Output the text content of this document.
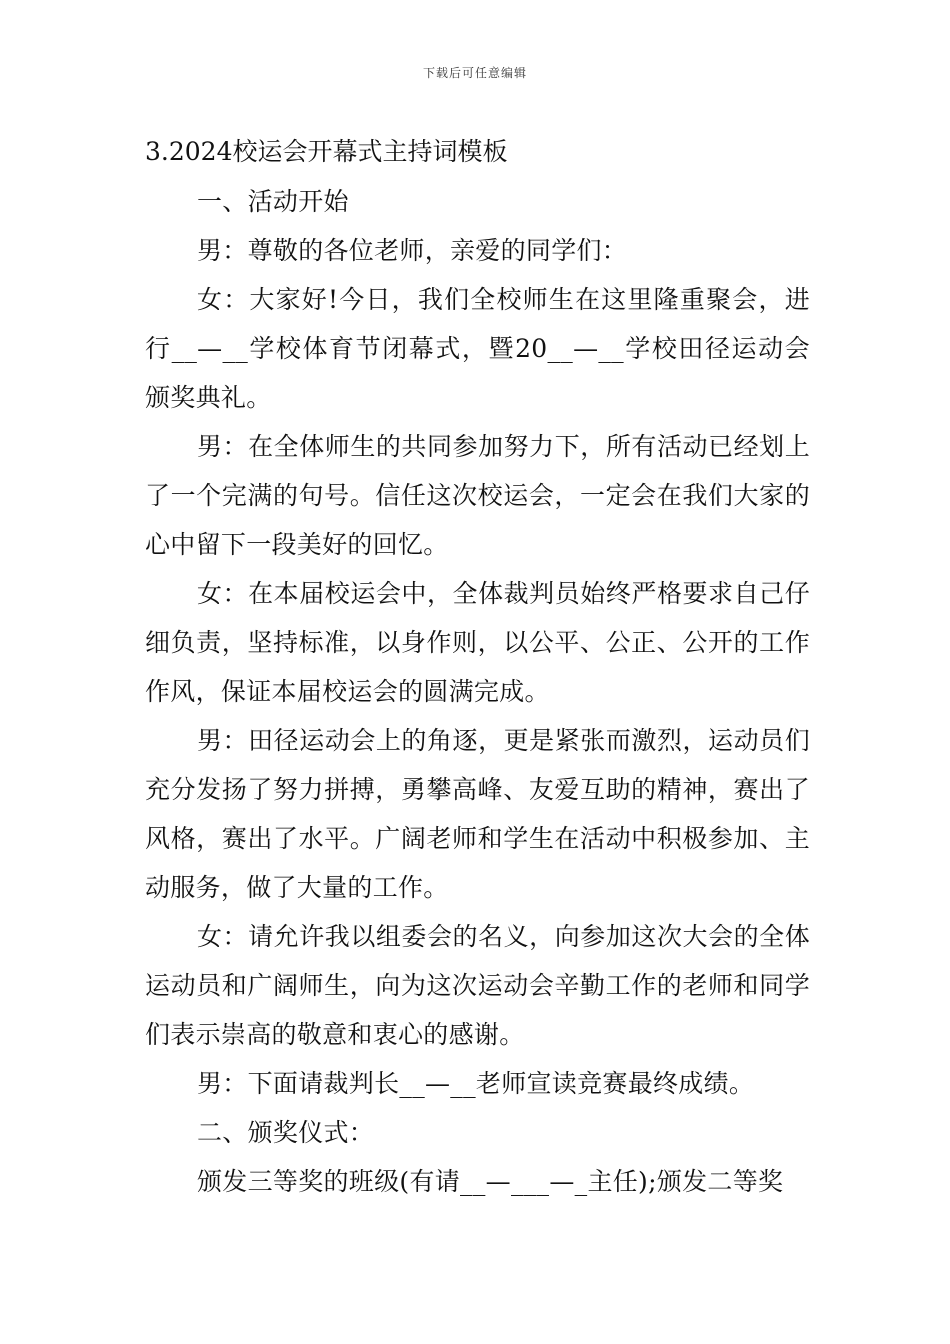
下载后可任意编辑
3.2024校运会开幕式主持词模板

一、活动开始

男：尊敬的各位老师，亲爱的同学们：

女：大家好!今日，我们全校师生在这里隆重聚会，进行__—__学校体育节闭幕式，暨20__—__学校田径运动会颁奖典礼。

男：在全体师生的共同参加努力下，所有活动已经划上了一个完满的句号。信任这次校运会，一定会在我们大家的心中留下一段美好的回忆。

女：在本届校运会中，全体裁判员始终严格要求自己仔细负责，坚持标准，以身作则，以公平、公正、公开的工作作风，保证本届校运会的圆满完成。

男：田径运动会上的角逐，更是紧张而激烈，运动员们充分发扬了努力拼搏，勇攀高峰、友爱互助的精神，赛出了风格，赛出了水平。广阔老师和学生在活动中积极参加、主动服务，做了大量的工作。

女：请允许我以组委会的名义，向参加这次大会的全体运动员和广阔师生，向为这次运动会辛勤工作的老师和同学们表示崇高的敬意和衷心的感谢。

男：下面请裁判长__—__老师宣读竞赛最终成绩。

二、颁奖仪式：

颁发三等奖的班级(有请__—___—_主任);颁发二等奖
